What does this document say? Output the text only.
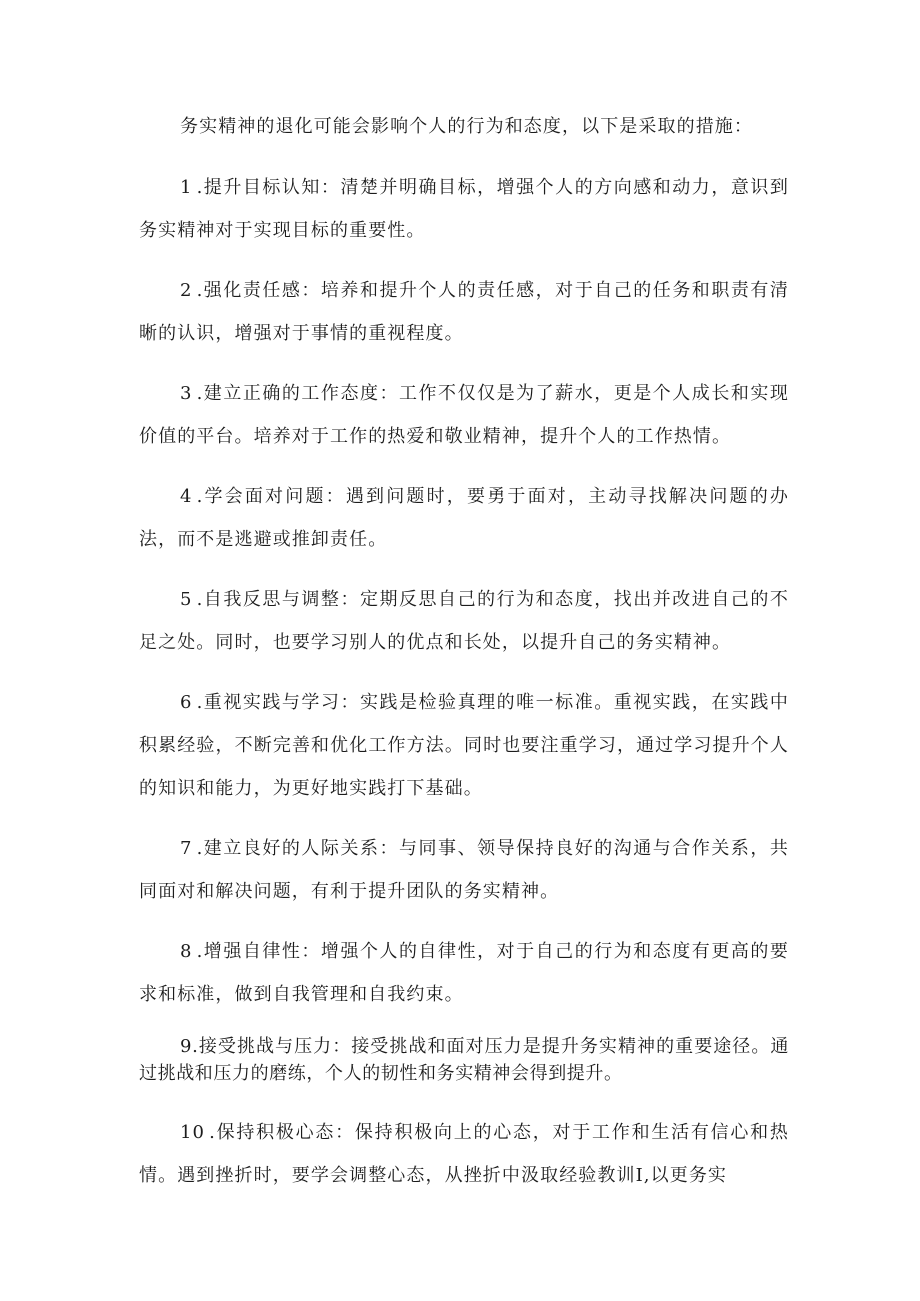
务实精神的退化可能会影响个人的行为和态度，以下是采取的措施：

1 .提升目标认知：清楚并明确目标，增强个人的方向感和动力，意识到务实精神对于实现目标的重要性。

2 .强化责任感：培养和提升个人的责任感，对于自己的任务和职责有清晰的认识，增强对于事情的重视程度。

3 .建立正确的工作态度：工作不仅仅是为了薪水，更是个人成长和实现价值的平台。培养对于工作的热爱和敬业精神，提升个人的工作热情。

4 .学会面对问题：遇到问题时，要勇于面对，主动寻找解决问题的办法，而不是逃避或推卸责任。

5 .自我反思与调整：定期反思自己的行为和态度，找出并改进自己的不足之处。同时，也要学习别人的优点和长处，以提升自己的务实精神。

6 .重视实践与学习：实践是检验真理的唯一标准。重视实践，在实践中积累经验，不断完善和优化工作方法。同时也要注重学习，通过学习提升个人的知识和能力，为更好地实践打下基础。

7 .建立良好的人际关系：与同事、领导保持良好的沟通与合作关系，共同面对和解决问题，有利于提升团队的务实精神。

8 .增强自律性：增强个人的自律性，对于自己的行为和态度有更高的要求和标准，做到自我管理和自我约束。

9.接受挑战与压力：接受挑战和面对压力是提升务实精神的重要途径。通过挑战和压力的磨练，个人的韧性和务实精神会得到提升。

10 .保持积极心态：保持积极向上的心态，对于工作和生活有信心和热情。遇到挫折时，要学会调整心态，从挫折中汲取经验教训I,以更务实
